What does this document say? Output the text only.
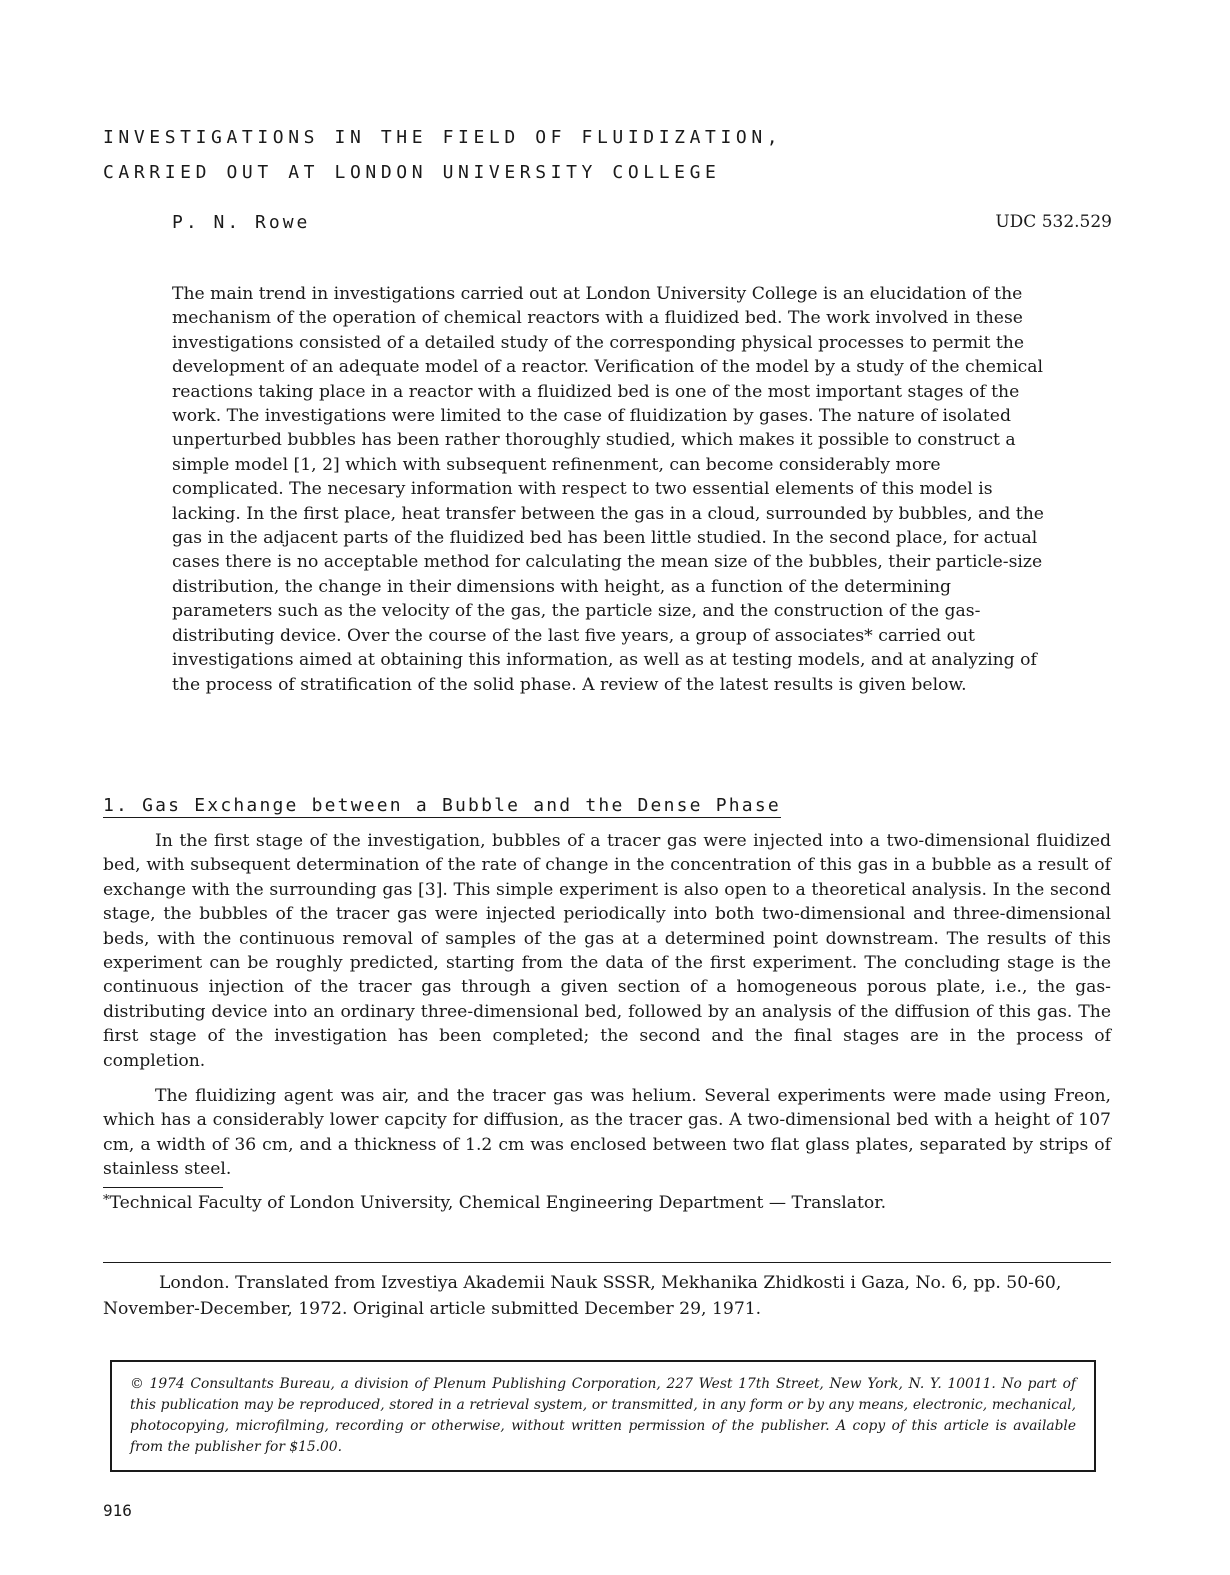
INVESTIGATIONS IN THE FIELD OF FLUIDIZATION,
CARRIED OUT AT LONDON UNIVERSITY COLLEGE
P. N. Rowe	UDC 532.529
The main trend in investigations carried out at London University College is an elucidation of the mechanism of the operation of chemical reactors with a fluidized bed. The work involved in these investigations consisted of a detailed study of the corresponding physical processes to permit the development of an adequate model of a reactor. Verification of the model by a study of the chemical reactions taking place in a reactor with a fluidized bed is one of the most important stages of the work. The investigations were limited to the case of fluidization by gases. The nature of isolated unperturbed bubbles has been rather thoroughly studied, which makes it possible to construct a simple model [1, 2] which with subsequent refinenment, can become considerably more complicated. The necesary information with respect to two essential elements of this model is lacking. In the first place, heat transfer between the gas in a cloud, surrounded by bubbles, and the gas in the adjacent parts of the fluidized bed has been little studied. In the second place, for actual cases there is no acceptable method for calculating the mean size of the bubbles, their particle-size distribution, the change in their dimensions with height, as a function of the determining parameters such as the velocity of the gas, the particle size, and the construction of the gas-distributing device. Over the course of the last five years, a group of associates* carried out investigations aimed at obtaining this information, as well as at testing models, and at analyzing of the process of stratification of the solid phase. A review of the latest results is given below.
1. Gas Exchange between a Bubble and the Dense Phase

In the first stage of the investigation, bubbles of a tracer gas were injected into a two-dimensional fluidized bed, with subsequent determination of the rate of change in the concentration of this gas in a bubble as a result of exchange with the surrounding gas [3]. This simple experiment is also open to a theoretical analysis. In the second stage, the bubbles of the tracer gas were injected periodically into both two-dimensional and three-dimensional beds, with the continuous removal of samples of the gas at a determined point downstream. The results of this experiment can be roughly predicted, starting from the data of the first experiment. The concluding stage is the continuous injection of the tracer gas through a given section of a homogeneous porous plate, i.e., the gas-distributing device into an ordinary three-dimensional bed, followed by an analysis of the diffusion of this gas. The first stage of the investigation has been completed; the second and the final stages are in the process of completion.

The fluidizing agent was air, and the tracer gas was helium. Several experiments were made using Freon, which has a considerably lower capcity for diffusion, as the tracer gas. A two-dimensional bed with a height of 107 cm, a width of 36 cm, and a thickness of 1.2 cm was enclosed between two flat glass plates, separated by strips of stainless steel.

*Technical Faculty of London University, Chemical Engineering Department — Translator.

London. Translated from Izvestiya Akademii Nauk SSSR, Mekhanika Zhidkosti i Gaza, No. 6, pp. 50-60, November-December, 1972. Original article submitted December 29, 1971.

© 1974 Consultants Bureau, a division of Plenum Publishing Corporation, 227 West 17th Street, New York, N. Y. 10011. No part of this publication may be reproduced, stored in a retrieval system, or transmitted, in any form or by any means, electronic, mechanical, photocopying, microfilming, recording or otherwise, without written permission of the publisher. A copy of this article is available from the publisher for $15.00.
916
